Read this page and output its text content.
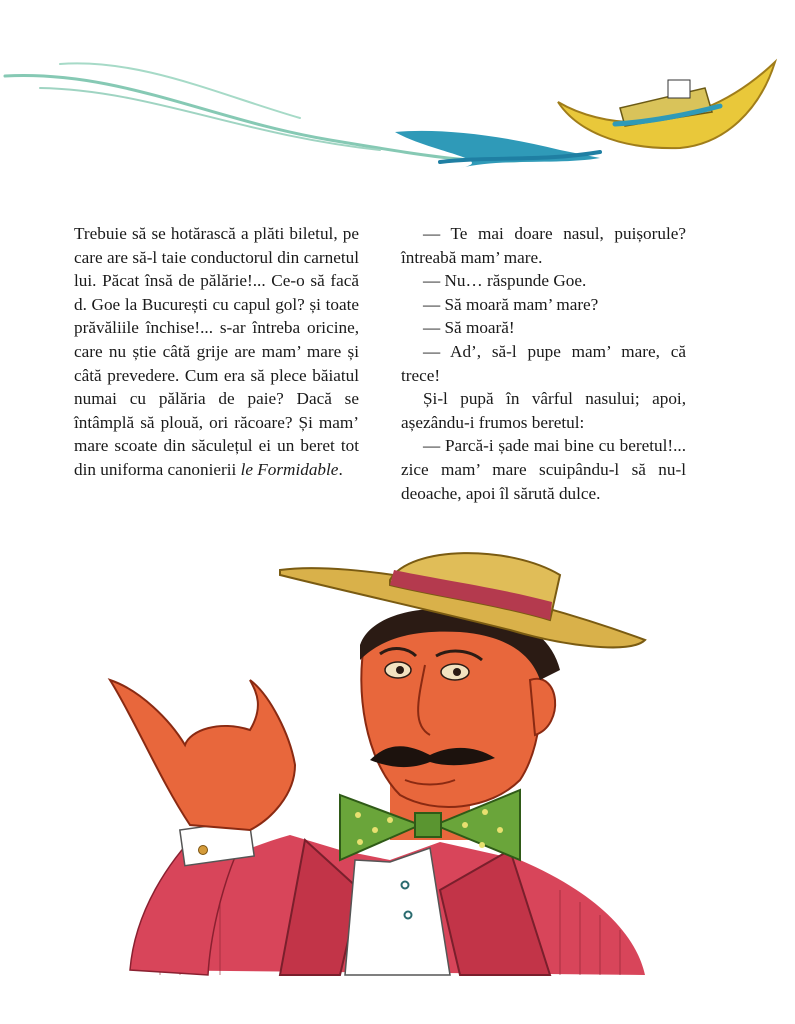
Trebuie să se hotărască a plăti biletul, pe care are să-l taie conductorul din carnetul lui. Păcat însă de pălărie!... Ce-o să facă d. Goe la București cu capul gol? și toate prăvăliile închise!... s-ar întreba oricine, care nu știe câtă grije are mam’ mare și câtă prevedere. Cum era să plece băiatul numai cu pălăria de paie? Dacă se întâmplă să plouă, ori răcoare? Și mam’ mare scoate din săculețul ei un beret tot din uniforma canonierii le Formidable.

— Te mai doare nasul, puișorule? întreabă mam’ mare.

— Nu… răspunde Goe.

— Să moară mam’ mare?

— Să moară!

— Ad’, să-l pupe mam’ mare, că trece!

Și-l pupă în vârful nasului; apoi, așezându-i frumos beretul:

— Parcă-i șade mai bine cu beretul!... zice mam’ mare scuipându-l să nu-l deoache, apoi îl sărută dulce.
